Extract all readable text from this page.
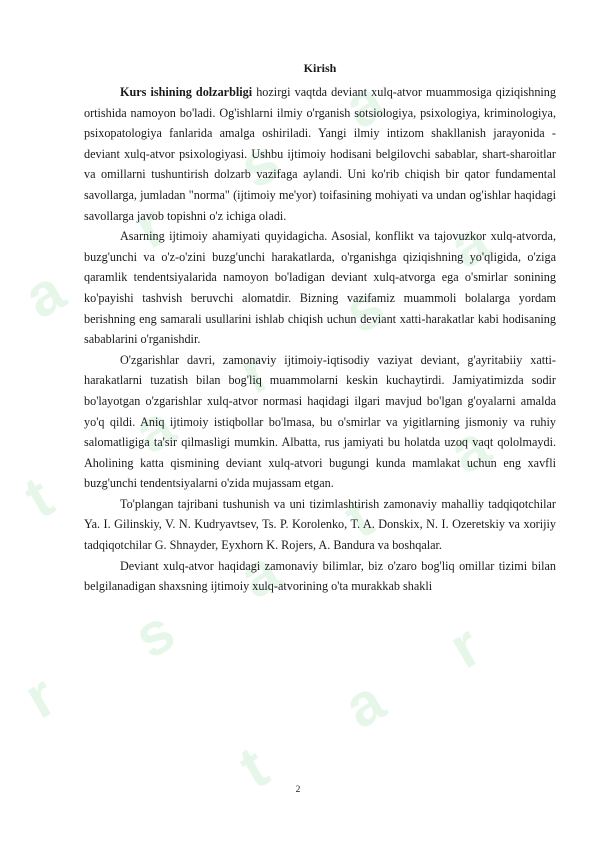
a
r
s
a
t
a
r
s
a
r
s
a
t
a
t
a
r
Kirish

Kurs ishining dolzarbligi hozirgi vaqtda deviant xulq-atvor muammosiga qiziqishning ortishida namoyon bo'ladi. Og'ishlarni ilmiy o'rganish sotsiologiya, psixologiya, kriminologiya, psixopatologiya fanlarida amalga oshiriladi. Yangi ilmiy intizom shakllanish jarayonida - deviant xulq-atvor psixologiyasi. Ushbu ijtimoiy hodisani belgilovchi sabablar, shart-sharoitlar va omillarni tushuntirish dolzarb vazifaga aylandi. Uni ko'rib chiqish bir qator fundamental savollarga, jumladan "norma" (ijtimoiy me'yor) toifasining mohiyati va undan og'ishlar haqidagi savollarga javob topishni o'z ichiga oladi.

Asarning ijtimoiy ahamiyati quyidagicha. Asosial, konflikt va tajovuzkor xulq-atvorda, buzg'unchi va o'z-o'zini buzg'unchi harakatlarda, o'rganishga qiziqishning yo'qligida, o'ziga qaramlik tendentsiyalarida namoyon bo'ladigan deviant xulq-atvorga ega o'smirlar sonining ko'payishi tashvish beruvchi alomatdir. Bizning vazifamiz muammoli bolalarga yordam berishning eng samarali usullarini ishlab chiqish uchun deviant xatti-harakatlar kabi hodisaning sabablarini o'rganishdir.

O'zgarishlar davri, zamonaviy ijtimoiy-iqtisodiy vaziyat deviant, g'ayritabiiy xatti-harakatlarni tuzatish bilan bog'liq muammolarni keskin kuchaytirdi. Jamiyatimizda sodir bo'layotgan o'zgarishlar xulq-atvor normasi haqidagi ilgari mavjud bo'lgan g'oyalarni amalda yo'q qildi. Aniq ijtimoiy istiqbollar bo'lmasa, bu o'smirlar va yigitlarning jismoniy va ruhiy salomatligiga ta'sir qilmasligi mumkin. Albatta, rus jamiyati bu holatda uzoq vaqt qololmaydi. Aholining katta qismining deviant xulq-atvori bugungi kunda mamlakat uchun eng xavfli buzg'unchi tendentsiyalarni o'zida mujassam etgan.

To'plangan tajribani tushunish va uni tizimlashtirish zamonaviy mahalliy tadqiqotchilar Ya. I. Gilinskiy, V. N. Kudryavtsev, Ts. P. Korolenko, T. A. Donskix, N. I. Ozeretskiy va xorijiy tadqiqotchilar G. Shnayder, Eyxhorn K. Rojers, A. Bandura va boshqalar.

Deviant xulq-atvor haqidagi zamonaviy bilimlar, biz o'zaro bog'liq omillar tizimi bilan belgilanadigan shaxsning ijtimoiy xulq-atvorining o'ta murakkab shakli

2
